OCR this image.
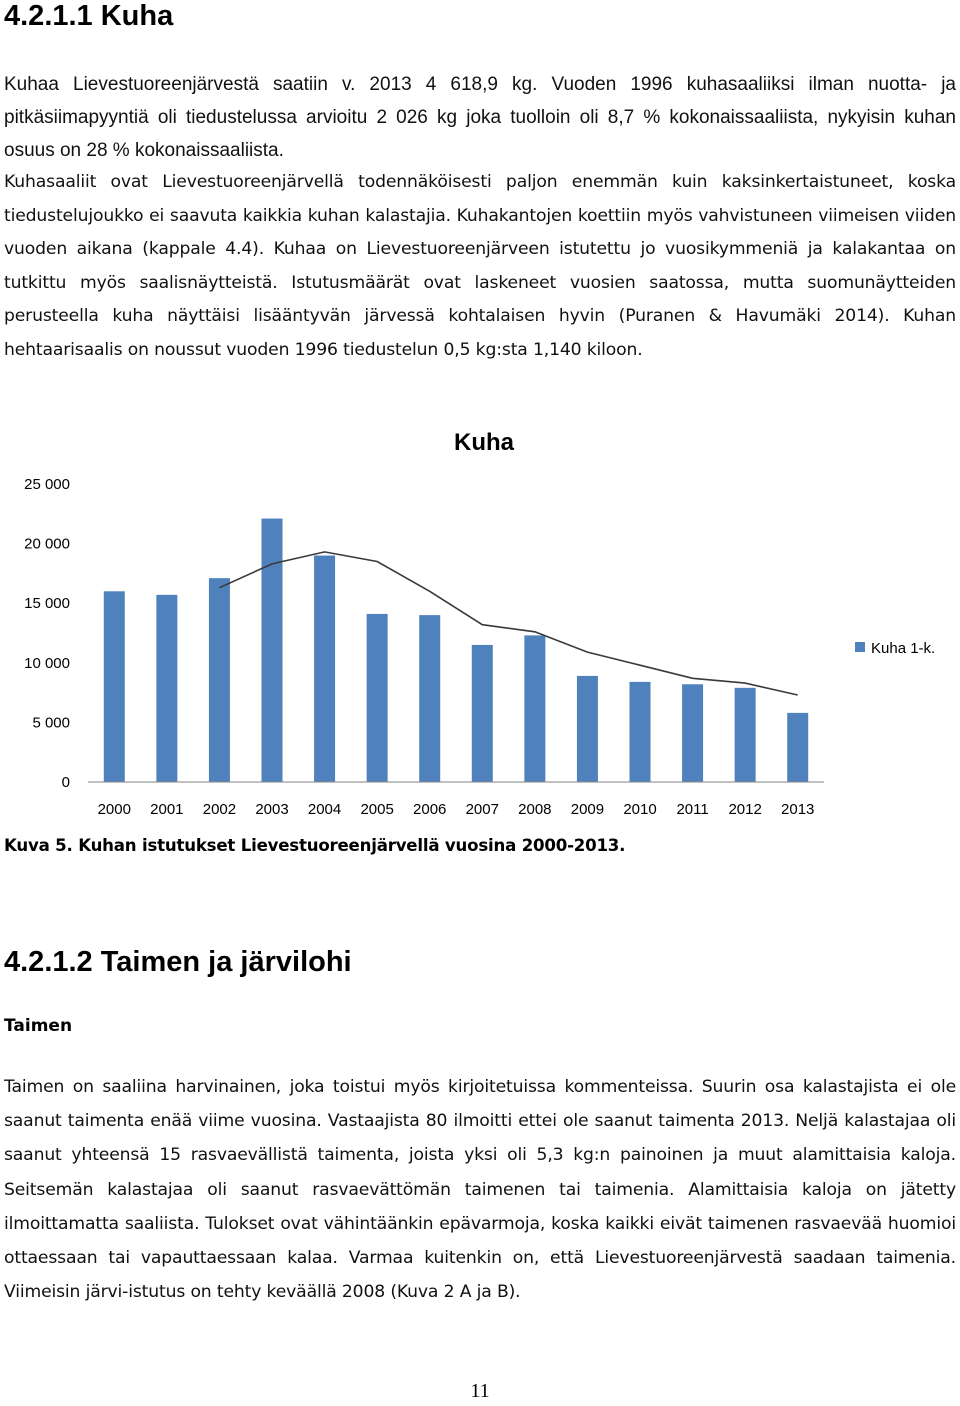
4.2.1.1 Kuha

Kuhaa Lievestuoreenjärvestä saatiin v. 2013 4 618,9 kg. Vuoden 1996 kuhasaaliiksi ilman nuotta- ja pitkäsiimapyyntiä oli tiedustelussa arvioitu 2 026 kg joka tuolloin oli 8,7 % kokonaissaaliista, nykyisin kuhan osuus on 28 % kokonaissaaliista.

Kuhasaaliit ovat Lievestuoreenjärvellä todennäköisesti paljon enemmän kuin kaksinkertaistuneet, koska tiedustelujoukko ei saavuta kaikkia kuhan kalastajia. Kuhakantojen koettiin myös vahvistuneen viimeisen viiden vuoden aikana (kappale 4.4). Kuhaa on Lievestuoreenjärveen istutettu jo vuosikymmeniä ja kalakantaa on tutkittu myös saalisnäytteistä. Istutusmäärät ovat laskeneet vuosien saatossa, mutta suomunäytteiden perusteella kuha näyttäisi lisääntyvän järvessä kohtalaisen hyvin (Puranen & Havumäki 2014). Kuhan hehtaarisaalis on noussut vuoden 1996 tiedustelun 0,5 kg:sta 1,140 kiloon.

Kuha
0
5 000
10 000
15 000
20 000
25 000
2000 2001 2002 2003 2004 2005 2006 2007 2008 2009 2010 2011 2012 2013
Kuha 1-k.

Kuva 5. Kuhan istutukset Lievestuoreenjärvellä vuosina 2000-2013.

4.2.1.2 Taimen ja järvilohi
Taimen

Taimen on saaliina harvinainen, joka toistui myös kirjoitetuissa kommenteissa. Suurin osa kalastajista ei ole saanut taimenta enää viime vuosina. Vastaajista 80 ilmoitti ettei ole saanut taimenta 2013. Neljä kalastajaa oli saanut yhteensä 15 rasvaevällistä taimenta, joista yksi oli 5,3 kg:n painoinen ja muut alamittaisia kaloja. Seitsemän kalastajaa oli saanut rasvaevättömän taimenen tai taimenia. Alamittaisia kaloja on jätetty ilmoittamatta saaliista. Tulokset ovat vähintäänkin epävarmoja, koska kaikki eivät taimenen rasvaevää huomioi ottaessaan tai vapauttaessaan kalaa. Varmaa kuitenkin on, että Lievestuoreenjärvestä saadaan taimenia. Viimeisin järvi-istutus on tehty keväällä 2008 (Kuva 2 A ja B).

11
